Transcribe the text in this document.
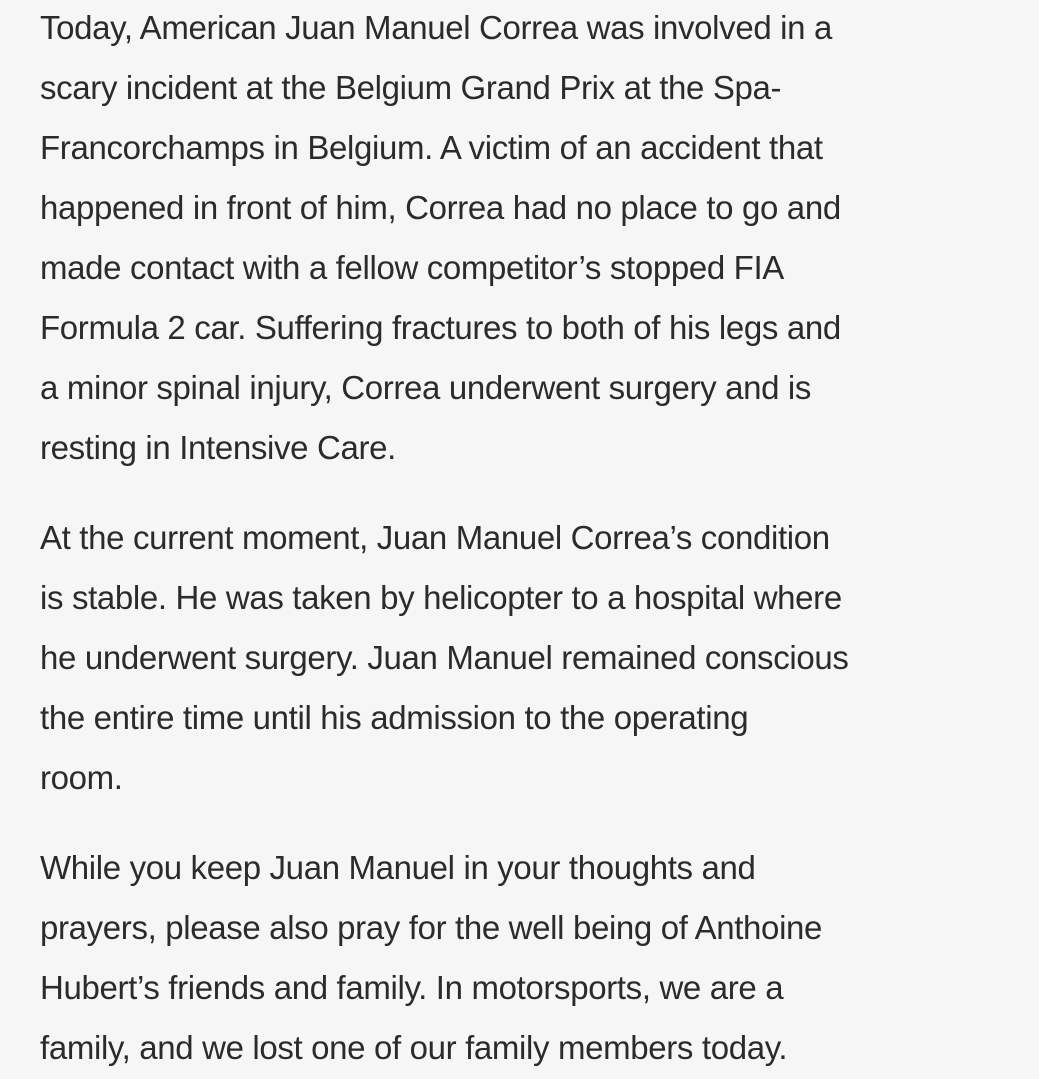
Today, American Juan Manuel Correa was involved in a
scary incident at the Belgium Grand Prix at the Spa-
Francorchamps in Belgium. A victim of an accident that
happened in front of him, Correa had no place to go and
made contact with a fellow competitor’s stopped FIA
Formula 2 car. Suffering fractures to both of his legs and
a minor spinal injury, Correa underwent surgery and is
resting in Intensive Care.
At the current moment, Juan Manuel Correa’s condition
is stable. He was taken by helicopter to a hospital where
he underwent surgery. Juan Manuel remained conscious
the entire time until his admission to the operating
room.
While you keep Juan Manuel in your thoughts and
prayers, please also pray for the well being of Anthoine
Hubert’s friends and family. In motorsports, we are a
family, and we lost one of our family members today.
